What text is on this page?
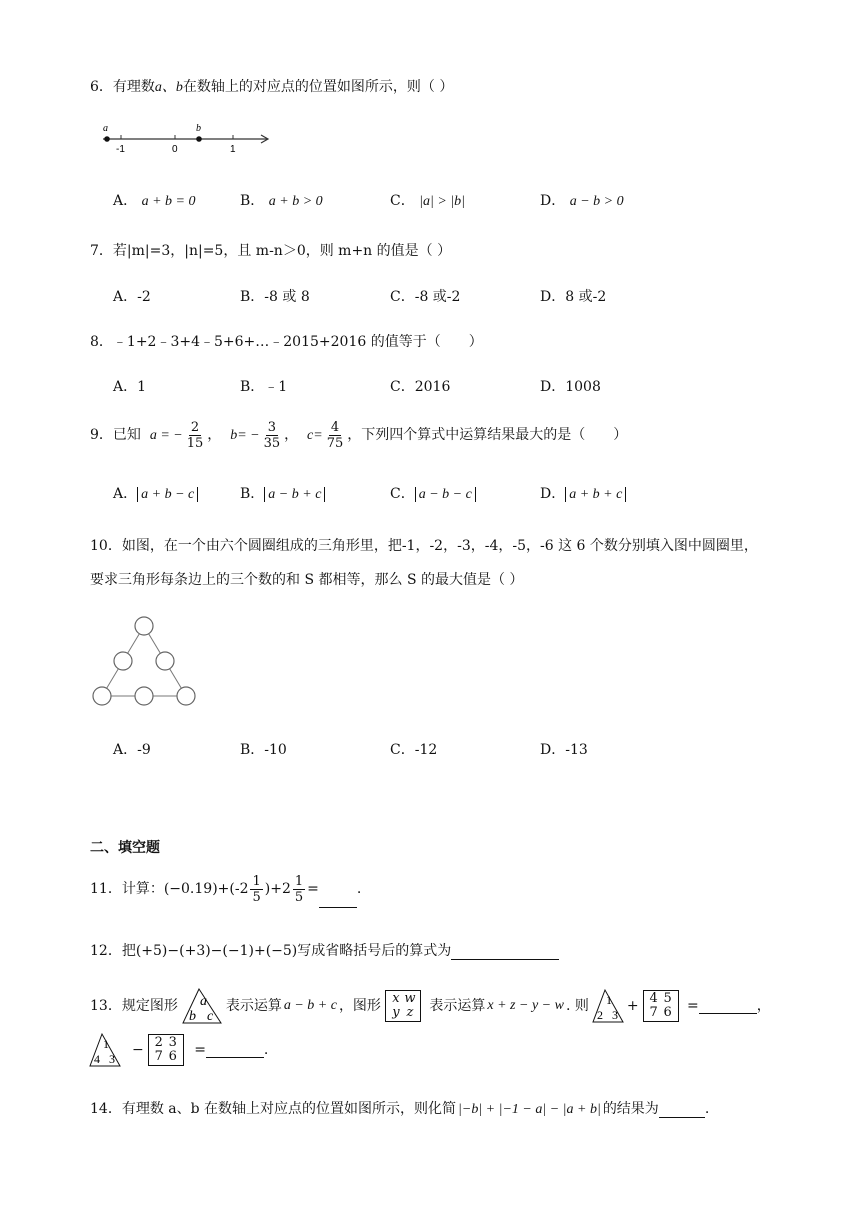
6．有理数a、b在数轴上的对应点的位置如图所示，则（ ）
a	b
-1	0	1
A． a + b = 0	B． a + b > 0	C． |a| > |b|	D． a − b > 0
7．若|m|=3，|n|=5，且 m-n＞0，则 m+n 的值是（ ）
A．-2	B．-8 或 8	C．-8 或-2	D．8 或-2
8．﹣1+2﹣3+4﹣5+6+…﹣2015+2016 的值等于（　　）
A．1	B．﹣1	C．2016	D．1008
9．已知 a = − $\frac{2}{15}$ ， $b= - \frac{3}{35}$ ， $c= \frac{4}{75}$ ，下列四个算式中运算结果最大的是（　　）
A． a + b − c	B． a − b + c	C． a − b − c	D． a + b + c
10．如图，在一个由六个圆圈组成的三角形里，把-1，-2，-3，-4，-5，-6 这 6 个数分别填入图中圆圈里，
要求三角形每条边上的三个数的和 S 都相等，那么 S 的最大值是（ ）
A．-9	B．-10	C．-12	D．-13
二、填空题
11．计算：$(-0.19)+(-2 \frac{1}{5} )+2 \frac{1}{5}$ =	.
12．把(+5)−(+3)−(−1)+(−5)写成省略括号后的算式为
13．规定图形 a
b c
表示运算 a − b + c ，图形 x w
y z
表示运算 x + z − y − w . 则 1
2 3
+ 4 5
7 6
=	，
1
4 3
− 2 3
7 6
=	.
14．有理数 a、b 在数轴上对应点的位置如图所示，则化简 |−b| + |−1 − a| − |a + b| 的结果为	.
